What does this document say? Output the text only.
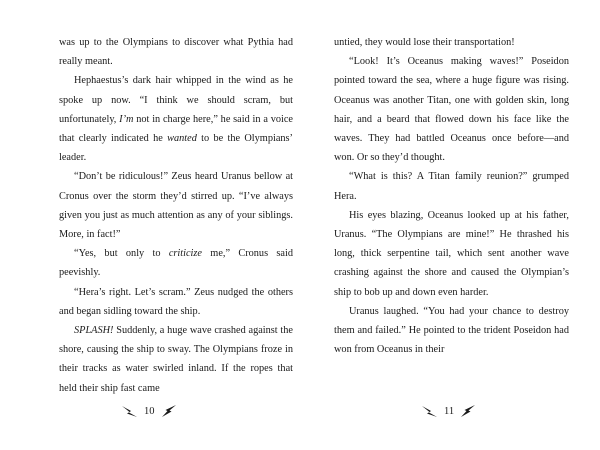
was up to the Olympians to discover what Pythia had really meant.

Hephaestus’s dark hair whipped in the wind as he spoke up now. “I think we should scram, but unfortunately, I’m not in charge here,” he said in a voice that clearly indicated he wanted to be the Olympians’ leader.

“Don’t be ridiculous!” Zeus heard Uranus bellow at Cronus over the storm they’d stirred up. “I’ve always given you just as much attention as any of your siblings. More, in fact!”

“Yes, but only to criticize me,” Cronus said peevishly.

“Hera’s right. Let’s scram.” Zeus nudged the others and began sidling toward the ship.

SPLASH! Suddenly, a huge wave crashed against the shore, causing the ship to sway. The Olympians froze in their tracks as water swirled inland. If the ropes that held their ship fast came

untied, they would lose their transportation!

“Look! It’s Oceanus making waves!” Poseidon pointed toward the sea, where a huge figure was rising. Oceanus was another Titan, one with golden skin, long hair, and a beard that flowed down his face like the waves. They had battled Oceanus once before—and won. Or so they’d thought.

“What is this? A Titan family reunion?” grumped Hera.

His eyes blazing, Oceanus looked up at his father, Uranus. “The Olympians are mine!” He thrashed his long, thick serpentine tail, which sent another wave crashing against the shore and caused the Olympian’s ship to bob up and down even harder.

Uranus laughed. “You had your chance to destroy them and failed.” He pointed to the trident Poseidon had won from Oceanus in their

10	11
